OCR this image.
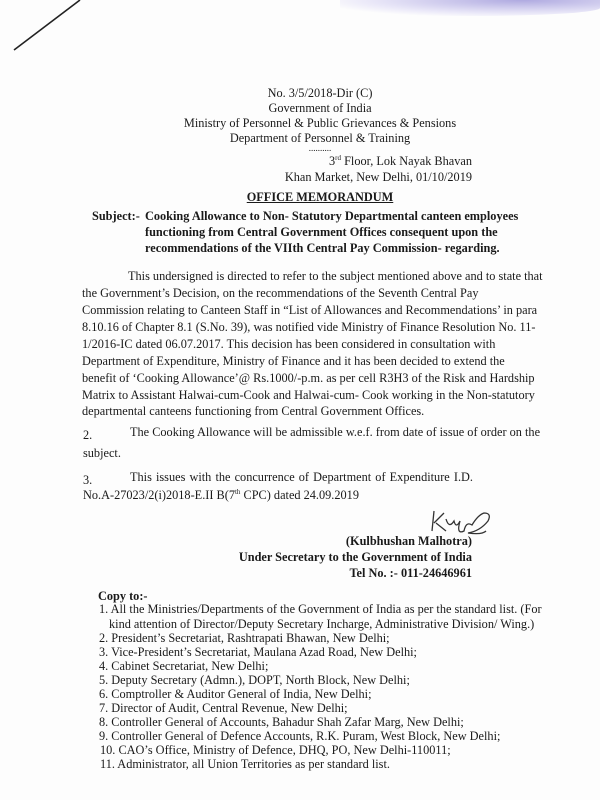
No. 3/5/2018-Dir (C)
Government of India
Ministry of Personnel & Public Grievances & Pensions
Department of Personnel & Training
..........
3rd Floor, Lok Nayak Bhavan
Khan Market, New Delhi, 01/10/2019
OFFICE MEMORANDUM
Subject:- Cooking Allowance to Non- Statutory Departmental canteen employees
functioning from Central Government Offices consequent upon the
recommendations of the VIIth Central Pay Commission- regarding.
This undersigned is directed to refer to the subject mentioned above and to state that
the Government’s Decision, on the recommendations of the Seventh Central Pay
Commission relating to Canteen Staff in “List of Allowances and Recommendations’ in para
8.10.16 of Chapter 8.1 (S.No. 39), was notified vide Ministry of Finance Resolution No. 11-
1/2016-IC dated 06.07.2017. This decision has been considered in consultation with
Department of Expenditure, Ministry of Finance and it has been decided to extend the
benefit of ‘Cooking Allowance’@ Rs.1000/-p.m. as per cell R3H3 of the Risk and Hardship
Matrix to Assistant Halwai-cum-Cook and Halwai-cum- Cook working in the Non-statutory
departmental canteens functioning from Central Government Offices.
2.	The Cooking Allowance will be admissible w.e.f. from date of issue of order on the
subject.
3.	This issues with the concurrence of Department of Expenditure I.D.
No.A-27023/2(i)2018-E.II B(7th CPC) dated 24.09.2019
(Kulbhushan Malhotra)
Under Secretary to the Government of India
Tel No. :- 011-24646961
Copy to:-
1. All the Ministries/Departments of the Government of India as per the standard list. (For
kind attention of Director/Deputy Secretary Incharge, Administrative Division/ Wing.)
2. President’s Secretariat, Rashtrapati Bhawan, New Delhi;
3. Vice-President’s Secretariat, Maulana Azad Road, New Delhi;
4. Cabinet Secretariat, New Delhi;
5. Deputy Secretary (Admn.), DOPT, North Block, New Delhi;
6. Comptroller & Auditor General of India, New Delhi;
7. Director of Audit, Central Revenue, New Delhi;
8. Controller General of Accounts, Bahadur Shah Zafar Marg, New Delhi;
9. Controller General of Defence Accounts, R.K. Puram, West Block, New Delhi;
10. CAO’s Office, Ministry of Defence, DHQ, PO, New Delhi-110011;
11. Administrator, all Union Territories as per standard list.
